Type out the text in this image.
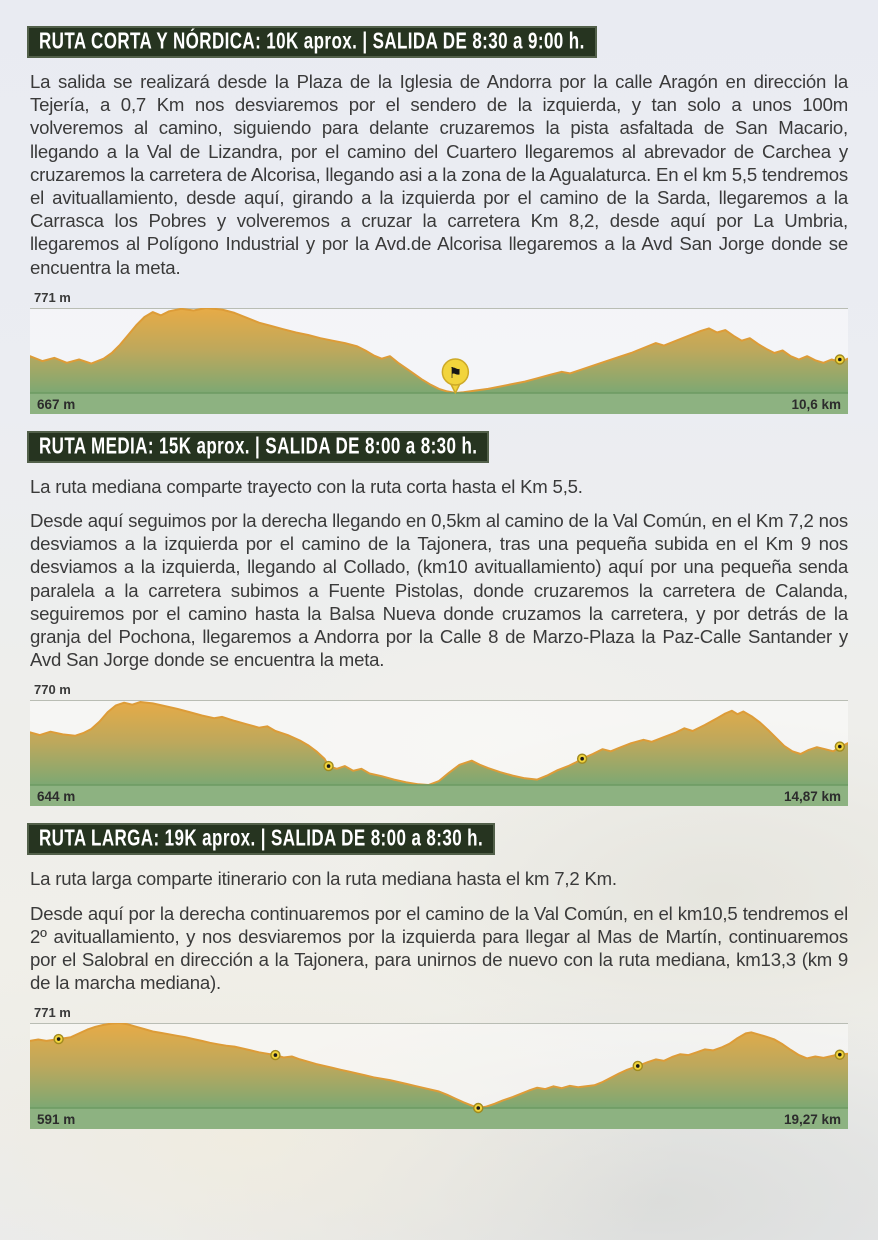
RUTA CORTA Y NÓRDICA: 10K aprox. | SALIDA DE 8:30 a 9:00 h.

La salida se realizará desde la Plaza de la Iglesia de Andorra por la calle Aragón en dirección la Tejería, a 0,7 Km nos desviaremos por el sendero de la izquierda, y tan solo a unos 100m volveremos al camino, siguiendo para delante cruzaremos la pista asfaltada de San Macario, llegando a la Val de Lizandra, por el camino del Cuartero llegaremos al abrevador de Carchea y cruzaremos la carretera de Alcorisa, llegando asi a la zona de la Agualaturca. En el km 5,5 tendremos el avituallamiento, desde aquí, girando a la izquierda por el camino de la Sarda, llegaremos a la Carrasca los Pobres y volveremos a cruzar la carretera Km 8,2, desde aquí por La Umbria, llegaremos al Polígono Industrial y por la Avd.de Alcorisa llegaremos a la Avd San Jorge donde se encuentra la meta.

771 m
⚑
667 m	10,6 km
RUTA MEDIA: 15K aprox. | SALIDA DE 8:00 a 8:30 h.

La ruta mediana comparte trayecto con la ruta corta hasta el Km 5,5.

Desde aquí seguimos por la derecha llegando en 0,5km al camino de la Val Común, en el Km 7,2 nos desviamos a la izquierda por el camino de la Tajonera, tras una pequeña subida en el Km 9 nos desviamos a la izquierda, llegando al Collado, (km10 avituallamiento) aquí por una pequeña senda paralela a la carretera subimos a Fuente Pistolas, donde cruzaremos la carretera de Calanda, seguiremos por el camino hasta la Balsa Nueva donde cruzamos la carretera, y por detrás de la granja del Pochona, llegaremos a Andorra por la Calle 8 de Marzo-Plaza la Paz-Calle Santander y Avd San Jorge donde se encuentra la meta.

770 m
644 m	14,87 km
RUTA LARGA: 19K aprox. | SALIDA DE 8:00 a 8:30 h.

La ruta larga comparte itinerario con la ruta mediana hasta el km 7,2 Km.

Desde aquí por la derecha continuaremos por el camino de la Val Común, en el km10,5 tendremos el 2º avituallamiento, y nos desviaremos por la izquierda para llegar al Mas de Martín, continuaremos por el Salobral en dirección a la Tajonera, para unirnos de nuevo con la ruta mediana, km13,3 (km 9 de la marcha mediana).

771 m
591 m	19,27 km
